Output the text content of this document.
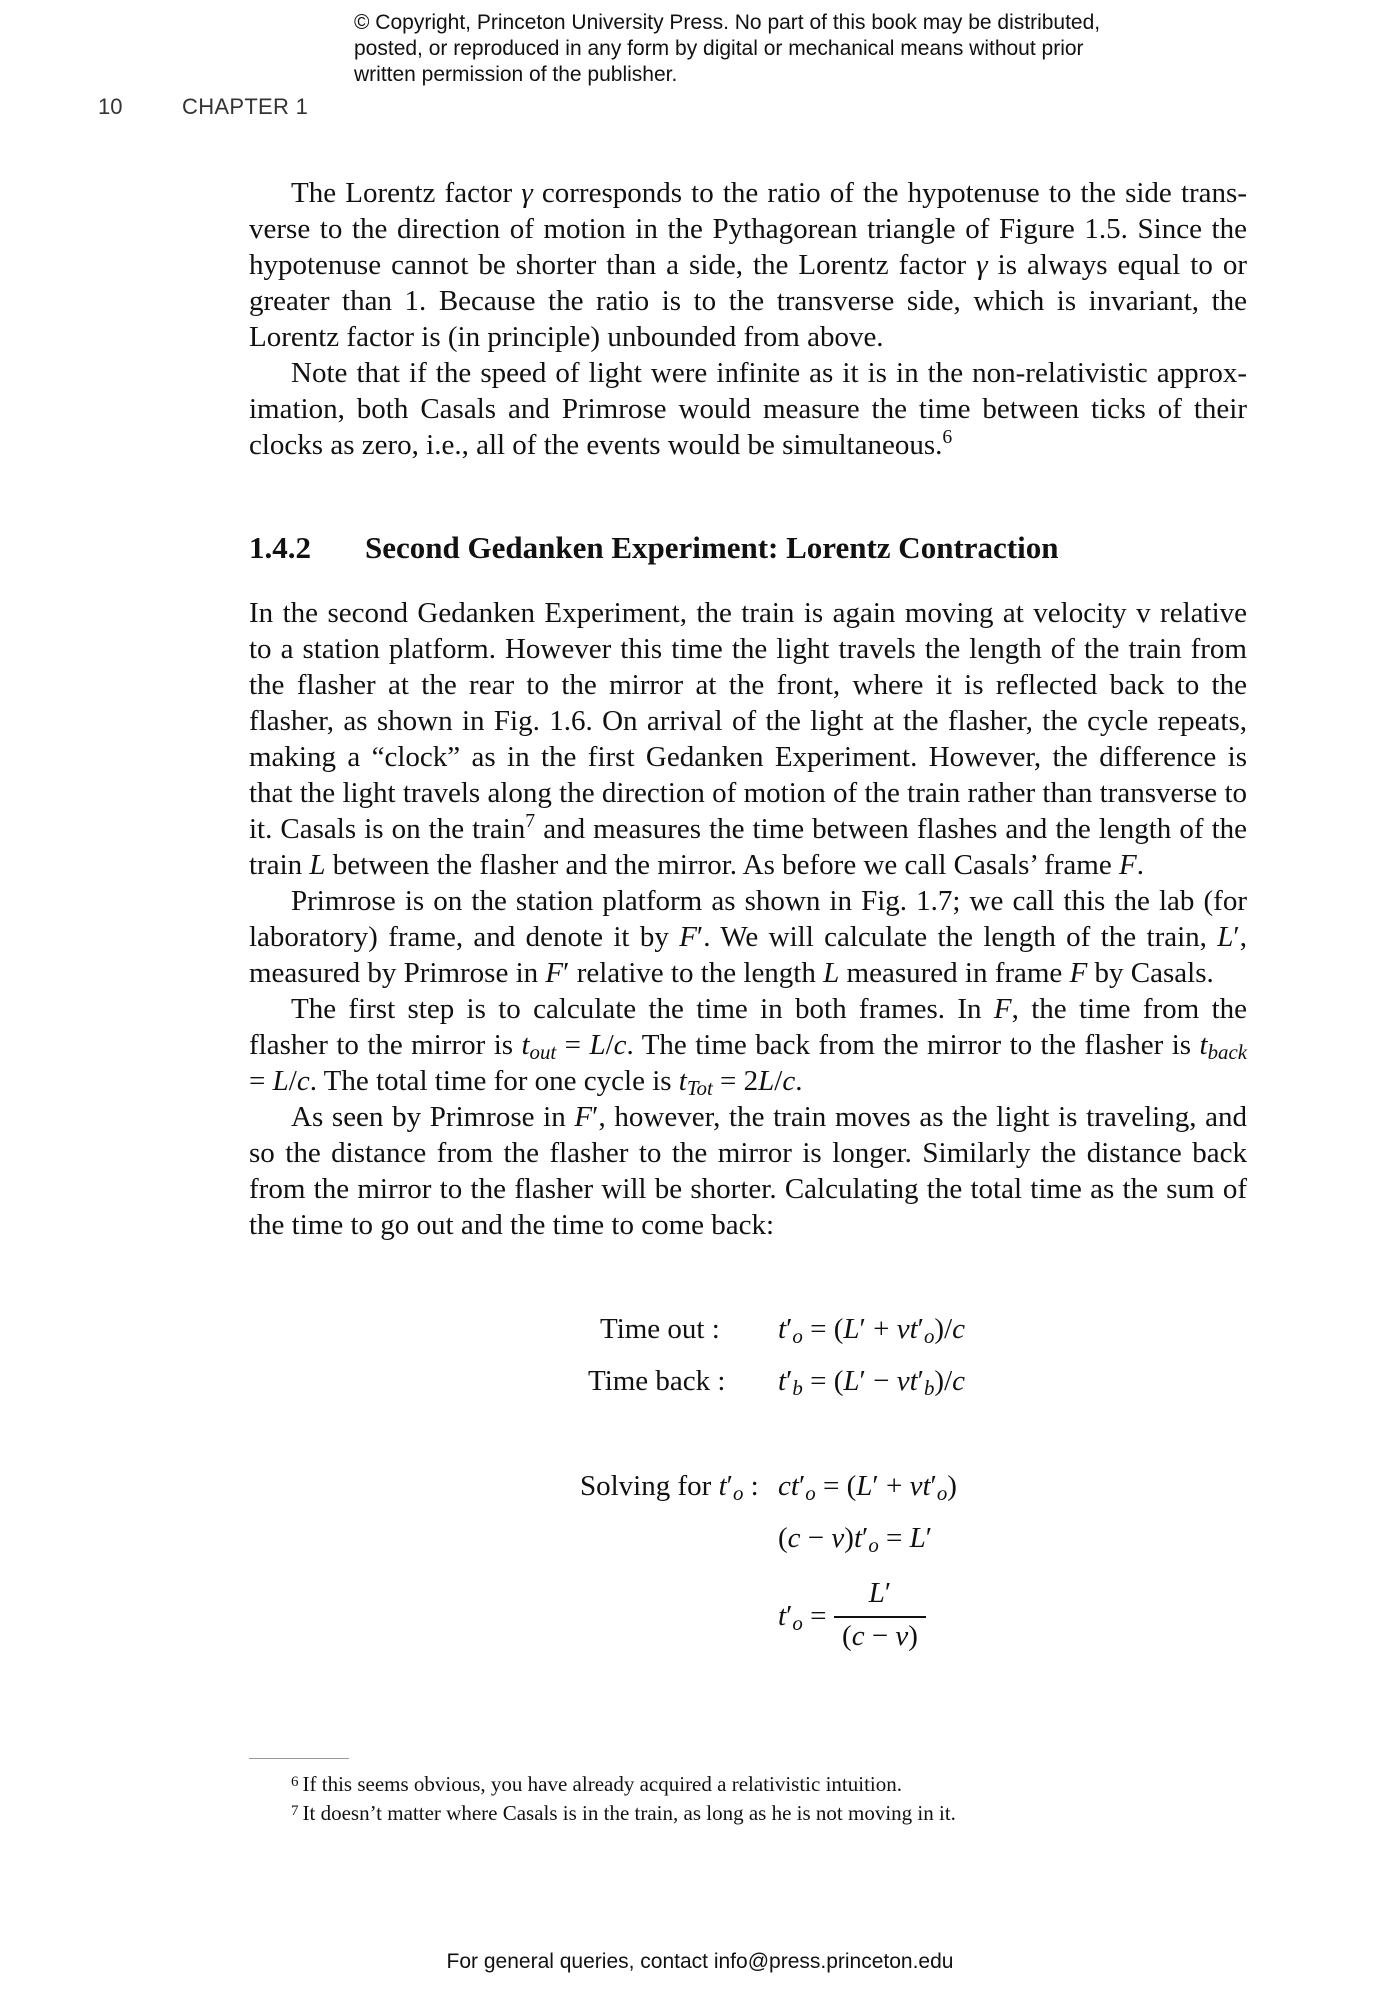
© Copyright, Princeton University Press. No part of this book may be distributed, posted, or reproduced in any form by digital or mechanical means without prior written permission of the publisher.
10	CHAPTER 1

The Lorentz factor γ corresponds to the ratio of the hypotenuse to the side transverse to the direction of motion in the Pythagorean triangle of Figure 1.5. Since the hypotenuse cannot be shorter than a side, the Lorentz factor γ is always equal to or greater than 1. Because the ratio is to the transverse side, which is invariant, the Lorentz factor is (in principle) unbounded from above.

Note that if the speed of light were infinite as it is in the non-relativistic approximation, both Casals and Primrose would measure the time between ticks of their clocks as zero, i.e., all of the events would be simultaneous.$^6$

1.4.2 Second Gedanken Experiment: Lorentz Contraction

In the second Gedanken Experiment, the train is again moving at velocity v relative to a station platform. However this time the light travels the length of the train from the flasher at the rear to the mirror at the front, where it is reflected back to the flasher, as shown in Fig. 1.6. On arrival of the light at the flasher, the cycle repeats, making a “clock” as in the first Gedanken Experiment. However, the difference is that the light travels along the direction of motion of the train rather than transverse to it. Casals is on the train$^7$ and measures the time between flashes and the length of the train L between the flasher and the mirror. As before we call Casals’ frame F.

Primrose is on the station platform as shown in Fig. 1.7; we call this the lab (for laboratory) frame, and denote it by F′. We will calculate the length of the train, L′, measured by Primrose in F′ relative to the length L measured in frame F by Casals.

The first step is to calculate the time in both frames. In F, the time from the flasher to the mirror is $t_{out} = L/c$. The time back from the mirror to the flasher is $t_{back} = L/c$. The total time for one cycle is $t_{Tot} = 2L/c$.

As seen by Primrose in F′, however, the train moves as the light is traveling, and so the distance from the flasher to the mirror is longer. Similarly the distance back from the mirror to the flasher will be shorter. Calculating the total time as the sum of the time to go out and the time to come back:

Time out : $t'_o = (L' + vt'_o)/c$
Time back : $t'_b = (L' - vt'_b)/c$
Solving for $t'_o$ : $ct'_o = (L' + vt'_o)$
$(c - v)t'_o = L'$
$t'_o$ =
L′
(c − v)
$^6$ If this seems obvious, you have already acquired a relativistic intuition.
$^7$ It doesn’t matter where Casals is in the train, as long as he is not moving in it.
For general queries, contact info@press.princeton.edu
